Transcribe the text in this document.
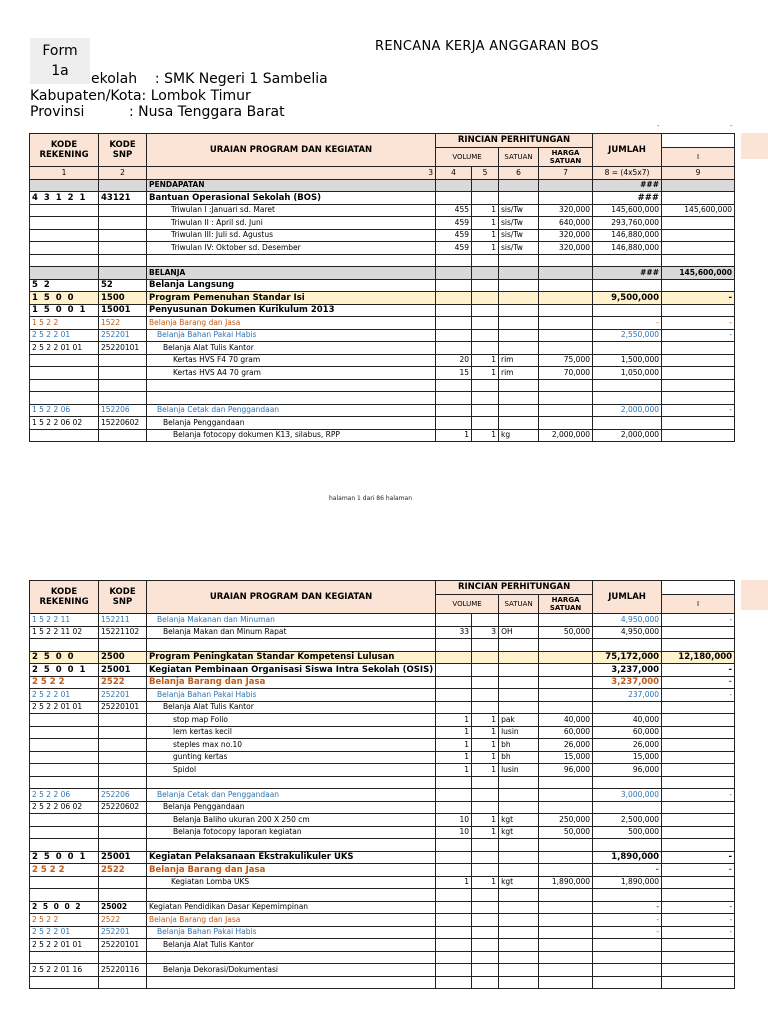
Form
1a
RENCANA KERJA ANGGARAN BOS
ekolah    : SMK Negeri 1 Sambelia
Kabupaten/Kota: Lombok Timur
Provinsi          : Nusa Tenggara Barat
-	-
KODE
REKENING	KODE
SNP	URAIAN PROGRAM DAN KEGIATAN	RINCIAN PERHITUNGAN				JUMLAH	
			VOLUME		SATUAN	HARGA
SATUAN		I
1	2	3	4	5	6	7	8 = (4x5x7)	9
		PENDAPATAN					###	
4 3 1 2 1	43121	Bantuan Operasional Sekolah (BOS)					###	
		Triwulan I :Januari sd. Maret	455	1	sis/Tw	320,000	145,600,000	145,600,000
		Triwulan II : April sd. Juni	459	1	sis/Tw	640,000	293,760,000	
		Triwulan III: Juli sd. Agustus	459	1	sis/Tw	320,000	146,880,000	
		Triwulan IV: Oktober sd. Desember	459	1	sis/Tw	320,000	146,880,000	

		BELANJA					###	145,600,000
5 2	52	Belanja Langsung						
1 5 0 0	1500	Program Pemenuhan Standar Isi					9,500,000	-
1 5 0 0 1	15001	Penyusunan Dokumen Kurikulum 2013						
1 5 2 2	1522	Belanja Barang dan Jasa					-	-
2 5 2 2 01	252201	Belanja Bahan Pakai Habis					2,550,000	-
2 5 2 2 01 01	25220101	Belanja Alat Tulis Kantor						
		Kertas HVS F4 70 gram	20	1	rim	75,000	1,500,000	
		Kertas HVS A4 70 gram	15	1	rim	70,000	1,050,000	

1 5 2 2 06	152206	Belanja Cetak dan Penggandaan					2,000,000	-
1 5 2 2 06 02	15220602	Belanja Penggandaan						
		Belanja fotocopy dokumen K13, silabus, RPP	1	1	kg	2,000,000	2,000,000	
halaman 1 dari 86 halaman
KODE
REKENING	KODE
SNP	URAIAN PROGRAM DAN KEGIATAN	RINCIAN PERHITUNGAN				JUMLAH	
			VOLUME		SATUAN	HARGA
SATUAN		I
1 5 2 2 11	152211	Belanja Makanan dan Minuman					4,950,000	-
1 5 2 2 11 02	15221102	Belanja Makan dan Minum Rapat	33	3	OH	50,000	4,950,000	

2 5 0 0	2500	Program Peningkatan Standar Kompetensi Lulusan					75,172,000	12,180,000
2 5 0 0 1	25001	Kegiatan Pembinaan Organisasi Siswa Intra Sekolah (OSIS)					3,237,000	-
2 5 2 2	2522	Belanja Barang dan Jasa					3,237,000	-
2 5 2 2 01	252201	Belanja Bahan Pakai Habis					237,000	-
2 5 2 2 01 01	25220101	Belanja Alat Tulis Kantor						
		stop map Folio	1	1	pak	40,000	40,000	
		lem kertas kecil	1	1	lusin	60,000	60,000	
		steples max no.10	1	1	bh	26,000	26,000	
		gunting kertas	1	1	bh	15,000	15,000	
		Spidol	1	1	lusin	96,000	96,000	

2 5 2 2 06	252206	Belanja Cetak dan Penggandaan					3,000,000	-
2 5 2 2 06 02	25220602	Belanja Penggandaan						
		Belanja Baliho ukuran 200 X 250 cm	10	1	kgt	250,000	2,500,000	
		Belanja fotocopy laporan kegiatan	10	1	kgt	50,000	500,000	

2 5 0 0 1	25001	Kegiatan Pelaksanaan Ekstrakulikuler UKS					1,890,000	-
2 5 2 2	2522	Belanja Barang dan Jasa					-	-
		Kegiatan Lomba UKS	1	1	kgt	1,890,000	1,890,000	

2 5 0 0 2	25002	Kegiatan Pendidikan Dasar Kepemimpinan					-	-
2 5 2 2	2522	Belanja Barang dan Jasa					-	-
2 5 2 2 01	252201	Belanja Bahan Pakai Habis					-	-
2 5 2 2 01 01	25220101	Belanja Alat Tulis Kantor						

2 5 2 2 01 16	25220116	Belanja Dekorasi/Dokumentasi						
